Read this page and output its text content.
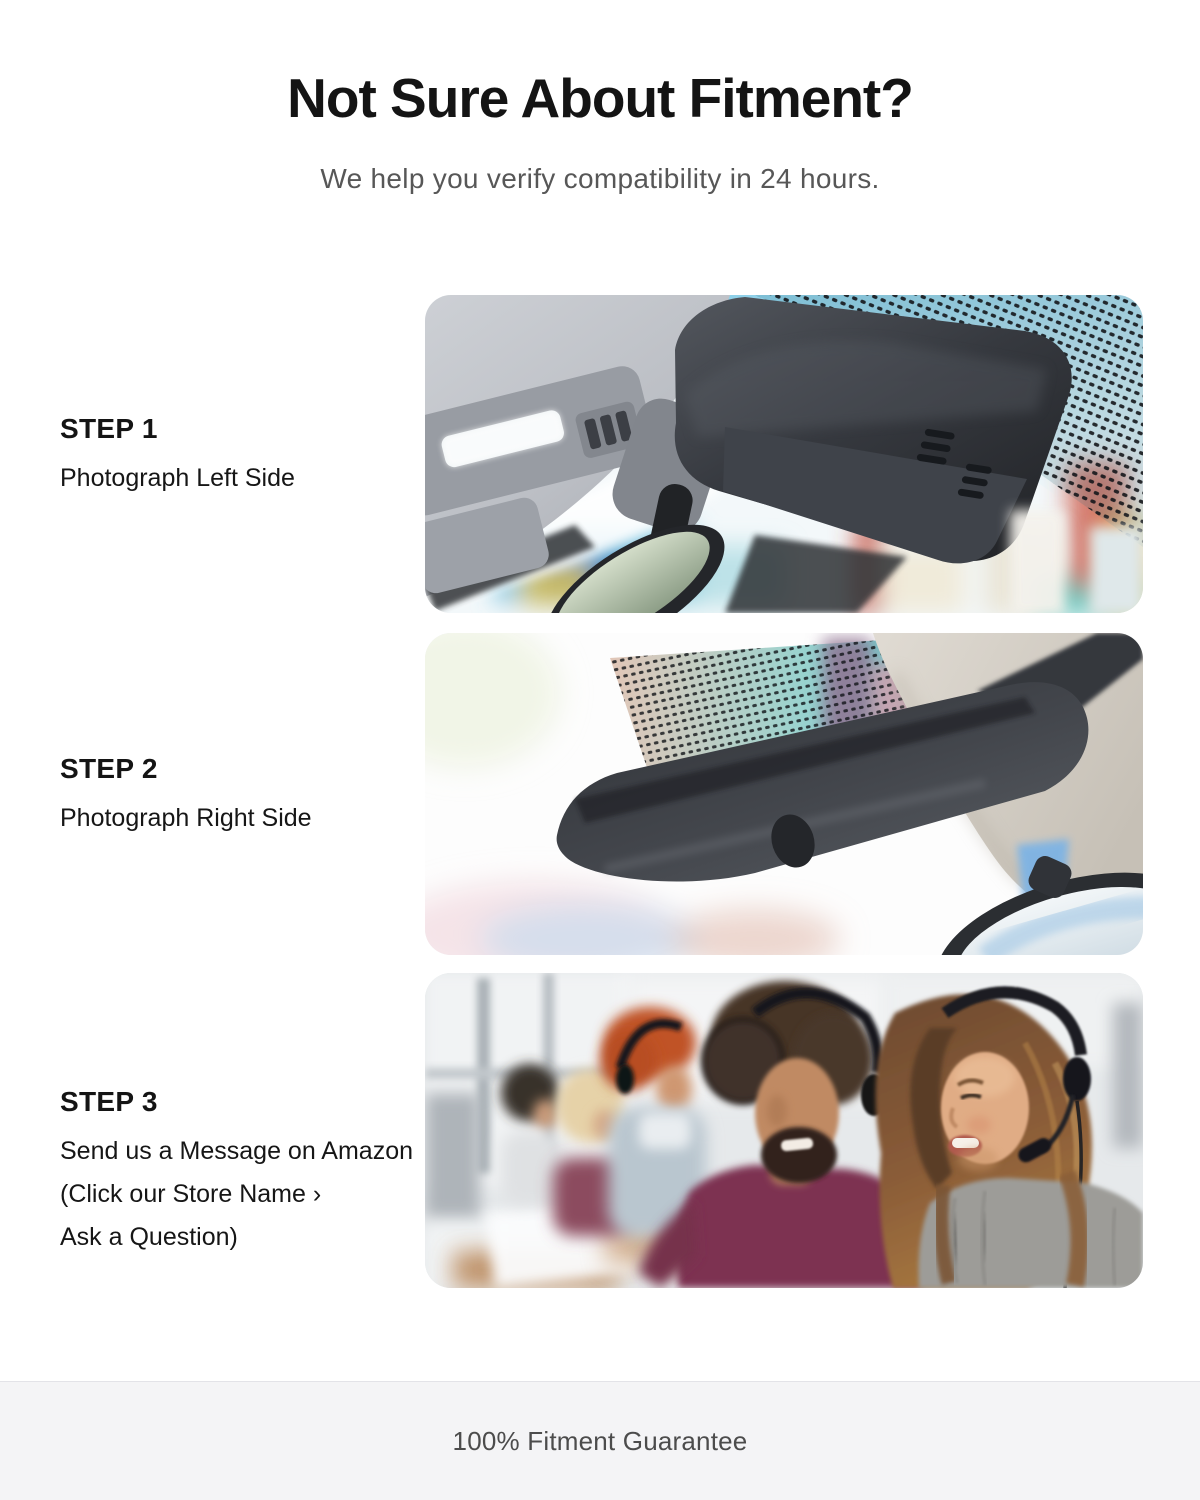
Not Sure About Fitment?
We help you verify compatibility in 24 hours.
STEP 1
Photograph Left Side
STEP 2
Photograph Right Side
STEP 3
Send us a Message on Amazon
(Click our Store Name ›
Ask a Question)
100% Fitment Guarantee
